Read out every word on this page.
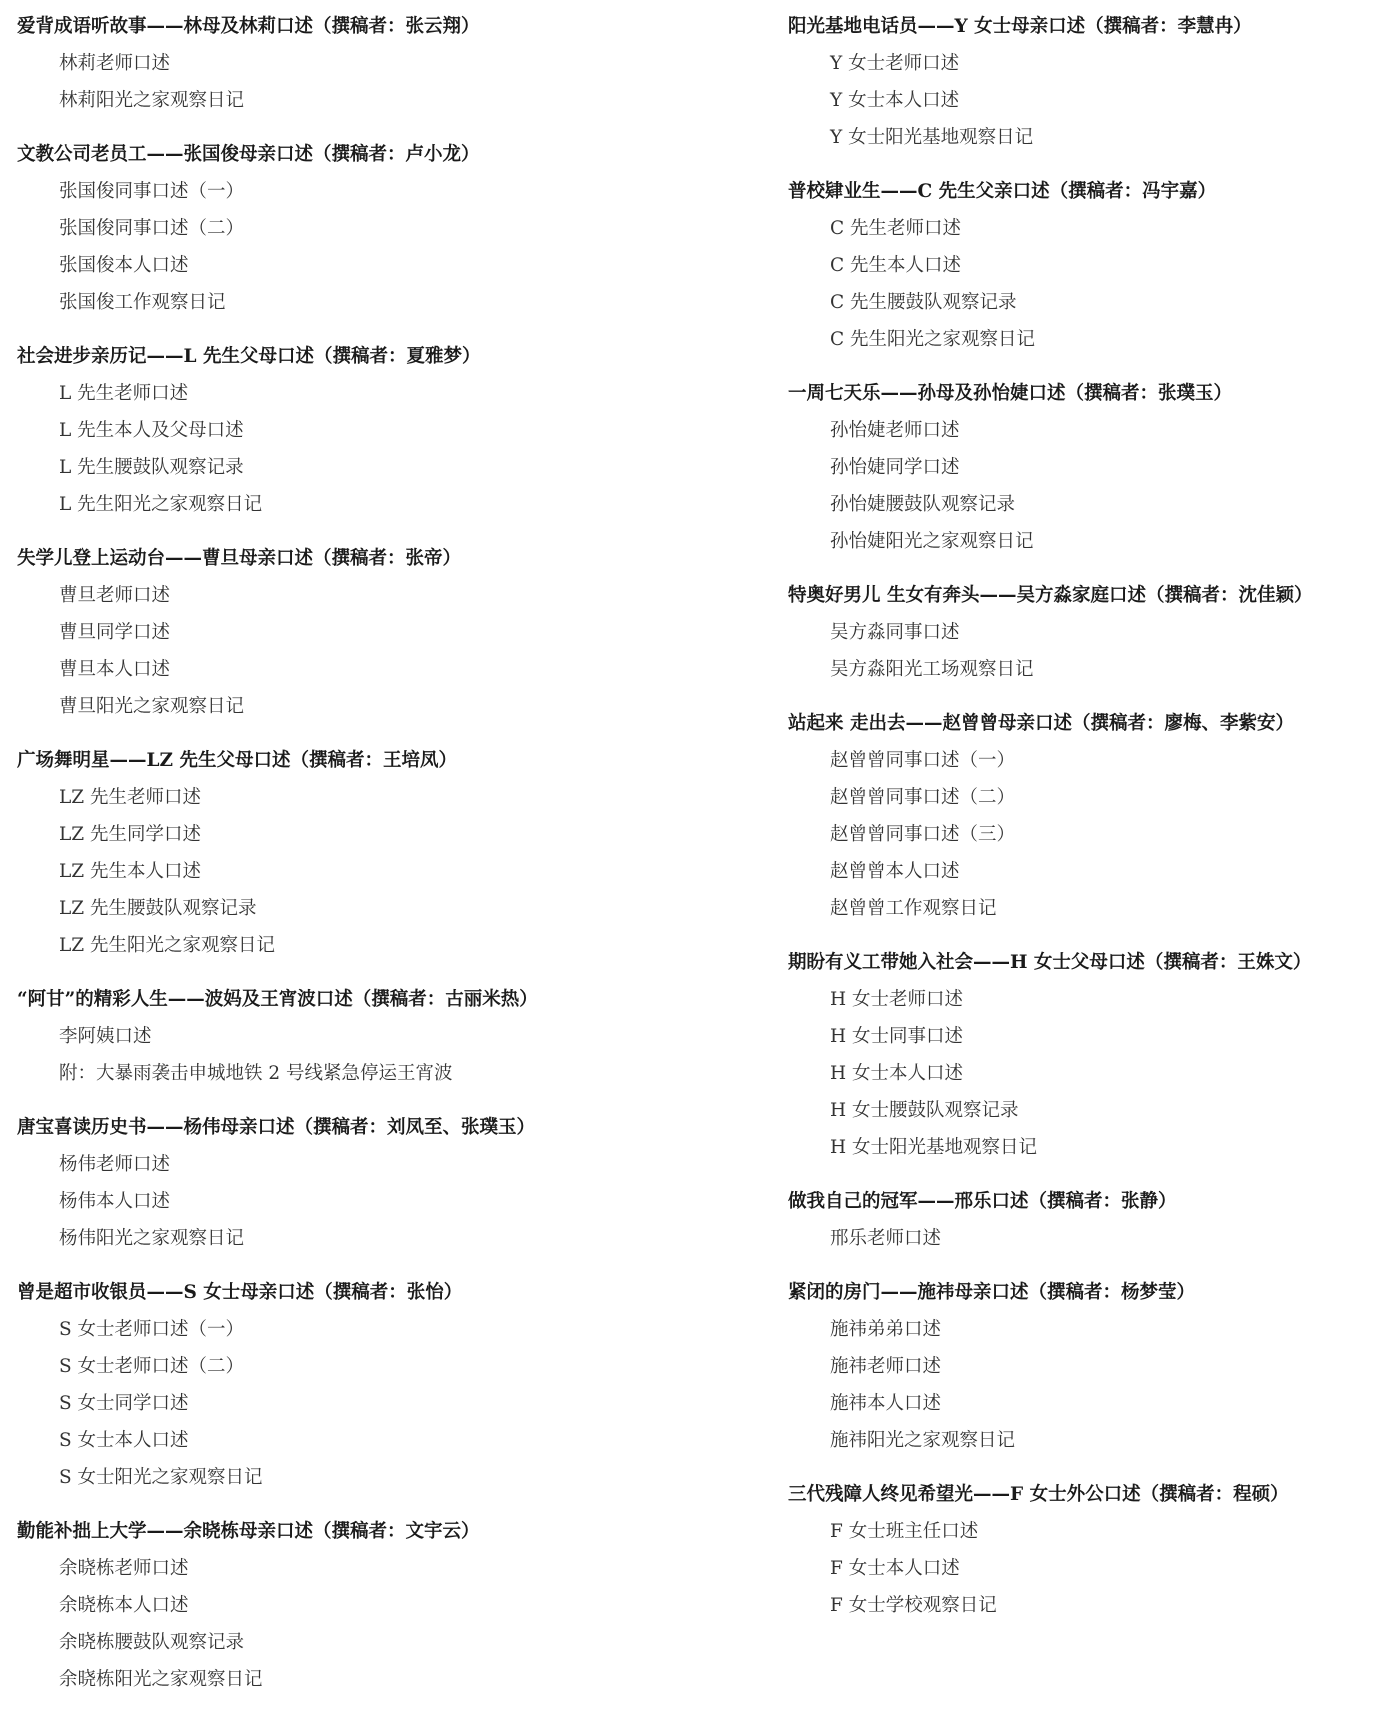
爱背成语听故事——林母及林莉口述（撰稿者：张云翔）
林莉老师口述
林莉阳光之家观察日记
文教公司老员工——张国俊母亲口述（撰稿者：卢小龙）
张国俊同事口述（一）
张国俊同事口述（二）
张国俊本人口述
张国俊工作观察日记
社会进步亲历记——L 先生父母口述（撰稿者：夏雅梦）
L 先生老师口述
L 先生本人及父母口述
L 先生腰鼓队观察记录
L 先生阳光之家观察日记
失学儿登上运动台——曹旦母亲口述（撰稿者：张帝）
曹旦老师口述
曹旦同学口述
曹旦本人口述
曹旦阳光之家观察日记
广场舞明星——LZ 先生父母口述（撰稿者：王培凤）
LZ 先生老师口述
LZ 先生同学口述
LZ 先生本人口述
LZ 先生腰鼓队观察记录
LZ 先生阳光之家观察日记
“阿甘”的精彩人生——波妈及王宵波口述（撰稿者：古丽米热）
李阿姨口述
附：大暴雨袭击申城地铁 2 号线紧急停运王宵波
唐宝喜读历史书——杨伟母亲口述（撰稿者：刘凤至、张璞玉）
杨伟老师口述
杨伟本人口述
杨伟阳光之家观察日记
曾是超市收银员——S 女士母亲口述（撰稿者：张怡）
S 女士老师口述（一）
S 女士老师口述（二）
S 女士同学口述
S 女士本人口述
S 女士阳光之家观察日记
勤能补拙上大学——余晓栋母亲口述（撰稿者：文宇云）
余晓栋老师口述
余晓栋本人口述
余晓栋腰鼓队观察记录
余晓栋阳光之家观察日记
阳光基地电话员——Y 女士母亲口述（撰稿者：李慧冉）
Y 女士老师口述
Y 女士本人口述
Y 女士阳光基地观察日记
普校肄业生——C 先生父亲口述（撰稿者：冯宇嘉）
C 先生老师口述
C 先生本人口述
C 先生腰鼓队观察记录
C 先生阳光之家观察日记
一周七天乐——孙母及孙怡婕口述（撰稿者：张璞玉）
孙怡婕老师口述
孙怡婕同学口述
孙怡婕腰鼓队观察记录
孙怡婕阳光之家观察日记
特奥好男儿 生女有奔头——吴方淼家庭口述（撰稿者：沈佳颖）
吴方淼同事口述
吴方淼阳光工场观察日记
站起来 走出去——赵曾曾母亲口述（撰稿者：廖梅、李紫安）
赵曾曾同事口述（一）
赵曾曾同事口述（二）
赵曾曾同事口述（三）
赵曾曾本人口述
赵曾曾工作观察日记
期盼有义工带她入社会——H 女士父母口述（撰稿者：王姝文）
H 女士老师口述
H 女士同事口述
H 女士本人口述
H 女士腰鼓队观察记录
H 女士阳光基地观察日记
做我自己的冠军——邢乐口述（撰稿者：张静）
邢乐老师口述
紧闭的房门——施祎母亲口述（撰稿者：杨梦莹）
施祎弟弟口述
施祎老师口述
施祎本人口述
施祎阳光之家观察日记
三代残障人终见希望光——F 女士外公口述（撰稿者：程硕）
F 女士班主任口述
F 女士本人口述
F 女士学校观察日记
